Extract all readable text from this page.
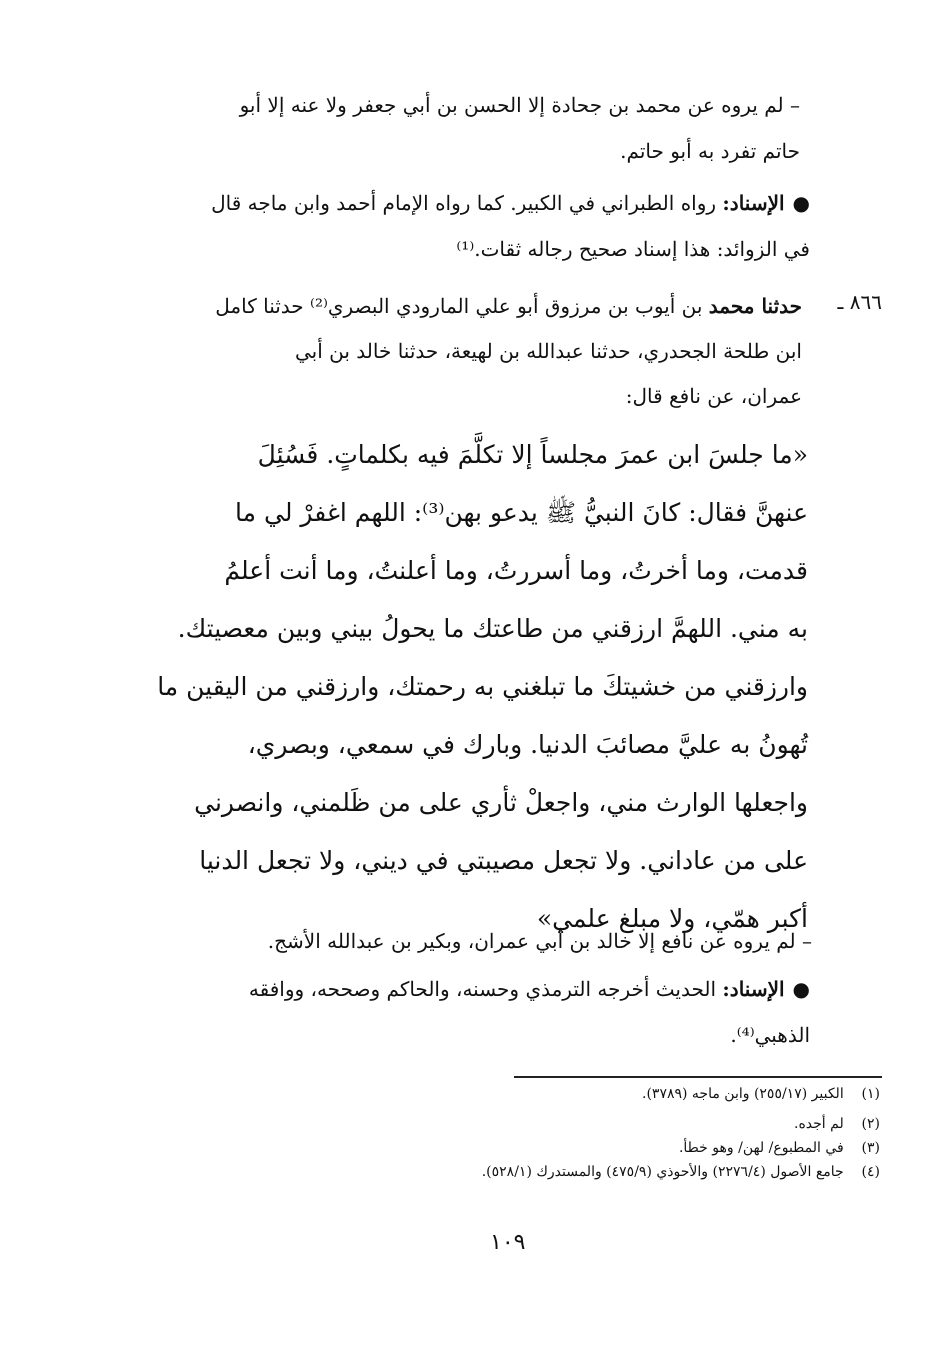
– لم يروه عن محمد بن جحادة إلا الحسن بن أبي جعفر ولا عنه إلا أبو
حاتم تفرد به أبو حاتم.
●الإسناد: رواه الطبراني في الكبير. كما رواه الإمام أحمد وابن ماجه قال
في الزوائد: هذا إسناد صحيح رجاله ثقات.⁽¹⁾
٨٦٦ ـ
حدثنا محمد بن أيوب بن مرزوق أبو علي المارودي البصري⁽²⁾ حدثنا كامل
ابن طلحة الجحدري، حدثنا عبدالله بن لهيعة، حدثنا خالد بن أبي
عمران، عن نافع قال:
«ما جلسَ ابن عمرَ مجلساً إلا تكلَّمَ فيه بكلماتٍ. فَسُئِلَ
عنهنَّ فقال: كانَ النبيُّ ﷺ يدعو بهن⁽³⁾: اللهم اغفرْ لي ما
قدمت، وما أخرتُ، وما أسررتُ، وما أعلنتُ، وما أنت أعلمُ
به مني. اللهمَّ ارزقني من طاعتك ما يحولُ بيني وبين معصيتك.
وارزقني من خشيتكَ ما تبلغني به رحمتك، وارزقني من اليقين ما
تُهونُ به عليَّ مصائبَ الدنيا. وبارك في سمعي، وبصري،
واجعلها الوارث مني، واجعلْ ثأري على من ظَلمني، وانصرني
على من عاداني. ولا تجعل مصيبتي في ديني، ولا تجعل الدنيا
أكبر همّي، ولا مبلغ علمي»
– لم يروه عن نافع إلا خالد بن أبي عمران، وبكير بن عبدالله الأشج.
●الإسناد: الحديث أخرجه الترمذي وحسنه، والحاكم وصححه، ووافقه
الذهبي⁽⁴⁾.
(١)    الكبير (٢٥٥/١٧) وابن ماجه (٣٧٨٩).
(٢)    لم أجده.
(٣)    في المطبوع/ لهن/ وهو خطأ.
(٤)    جامع الأصول (٢٢٧٦/٤) والأحوذي (٤٧٥/٩) والمستدرك (٥٢٨/١).
١٠٩
